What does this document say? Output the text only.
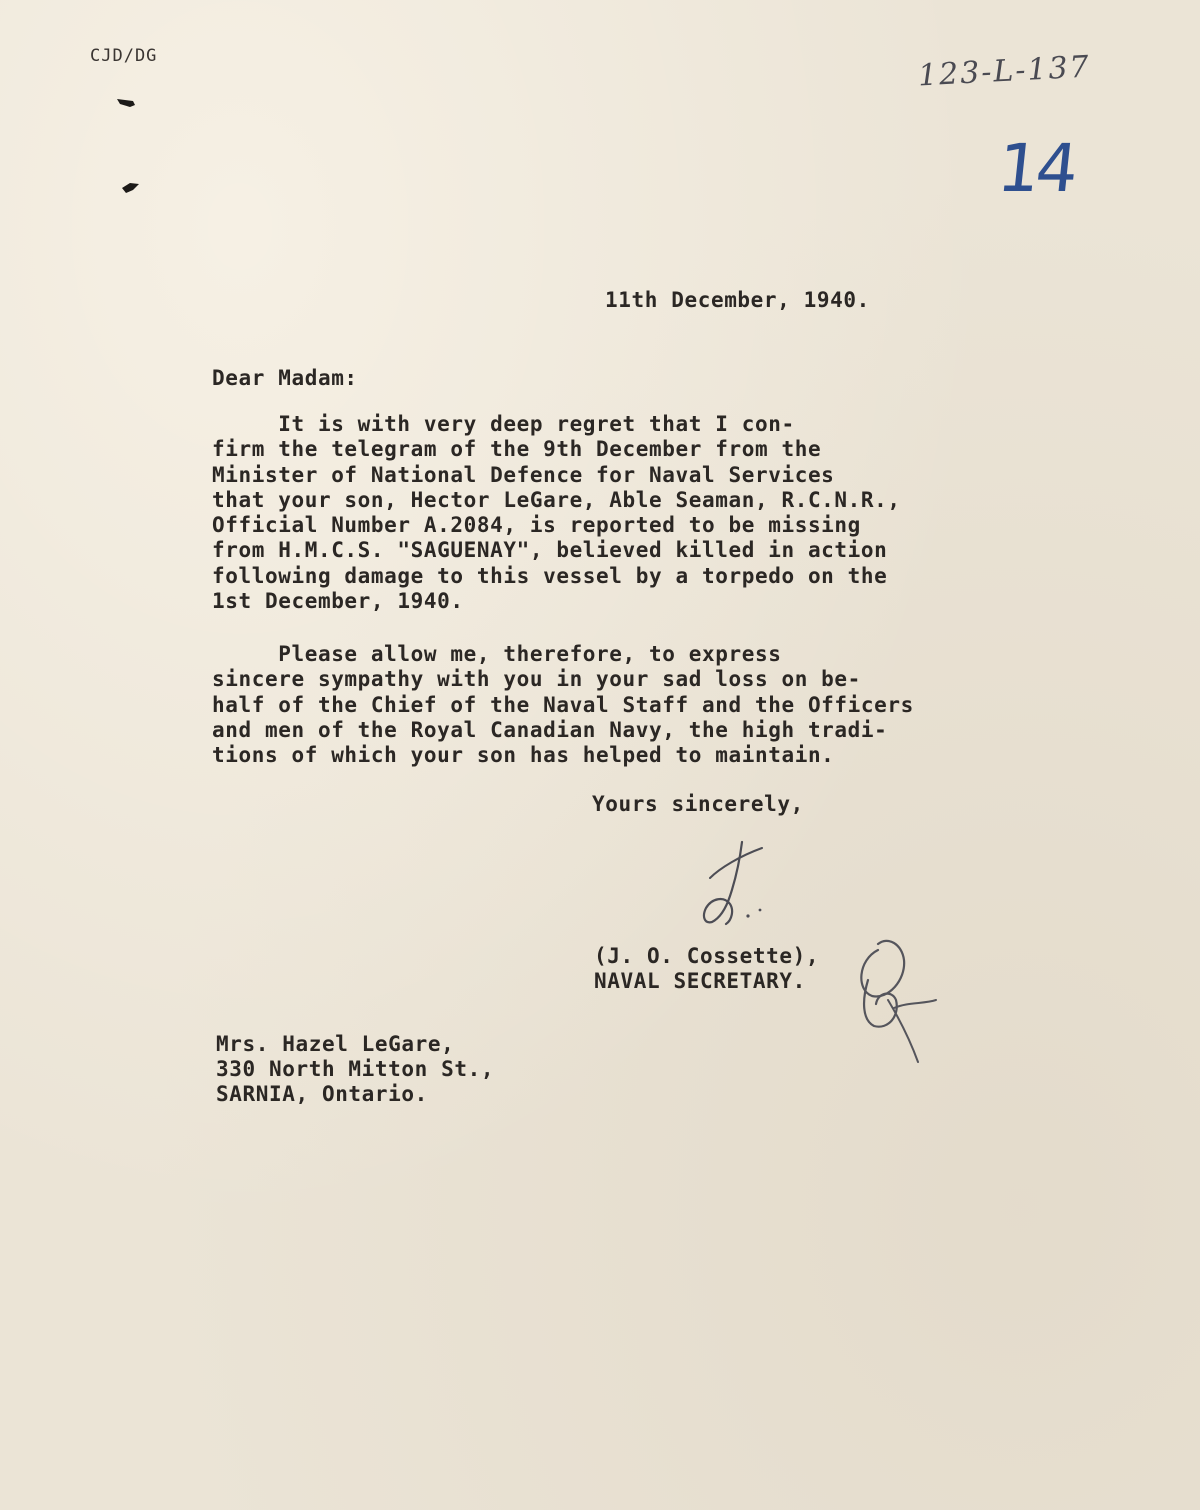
CJD/DG	123-L-137
14
11th December, 1940.
Dear Madam:
It is with very deep regret that I con-
firm the telegram of the 9th December from the
Minister of National Defence for Naval Services
that your son, Hector LeGare, Able Seaman, R.C.N.R.,
Official Number A.2084, is reported to be missing
from H.M.C.S. "SAGUENAY", believed killed in action
following damage to this vessel by a torpedo on the
1st December, 1940.
Please allow me, therefore, to express
sincere sympathy with you in your sad loss on be-
half of the Chief of the Naval Staff and the Officers
and men of the Royal Canadian Navy, the high tradi-
tions of which your son has helped to maintain.
Yours sincerely,
(J. O. Cossette),
NAVAL SECRETARY.
Mrs. Hazel LeGare,
330 North Mitton St.,
SARNIA, Ontario.
